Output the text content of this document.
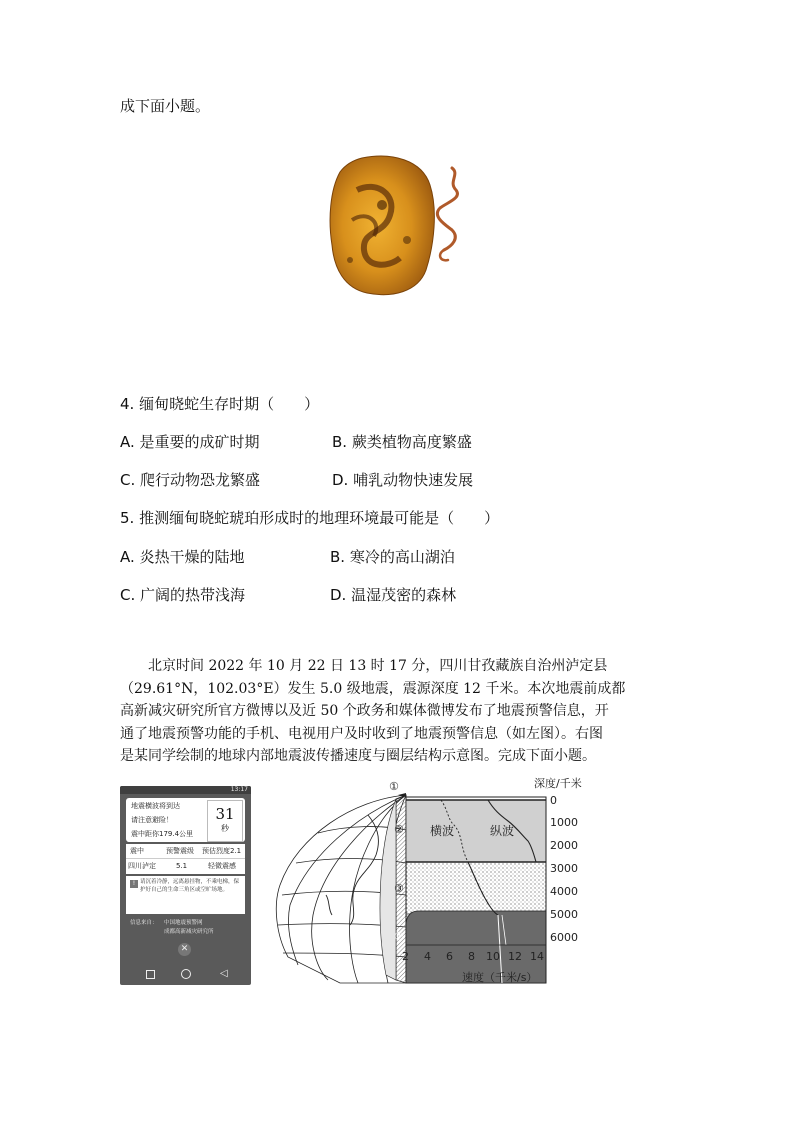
成下面小题。
4. 缅甸晓蛇生存时期（　　）
A. 是重要的成矿时期	B. 蕨类植物高度繁盛
C. 爬行动物恐龙繁盛	D. 哺乳动物快速发展
5. 推测缅甸晓蛇琥珀形成时的地理环境最可能是（　　）
A. 炎热干燥的陆地	B. 寒冷的高山湖泊
C. 广阔的热带浅海	D. 温湿茂密的森林

北京时间 2022 年 10 月 22 日 13 时 17 分，四川甘孜藏族自治州泸定县

（29.61°N，102.03°E）发生 5.0 级地震，震源深度 12 千米。本次地震前成都

高新减灾研究所官方微博以及近 50 个政务和媒体微博发布了地震预警信息，开

通了地震预警功能的手机、电视用户及时收到了地震预警信息（如左图）。右图

是某同学绘制的地球内部地震波传播速度与圈层结构示意图。完成下面小题。

13:17
地震横波将到达
请注意避险！
震中距你179.4公里
31
秒
震中	预警震级 预估烈度2.1
四川泸定	5.1	轻微震感
! 请沉着冷静，远离悬挂物，不乘电梯，保护好自己的生命三角区或空旷场地。
信息来自： 中国地震预警网
成都高新减灾研究所
✕
◁
横波	纵波
①
②
③
④
深度/千米
0
1000
2000
3000
4000
5000
6000
2 4 6 8 10 12 14
速度（千米/s）
